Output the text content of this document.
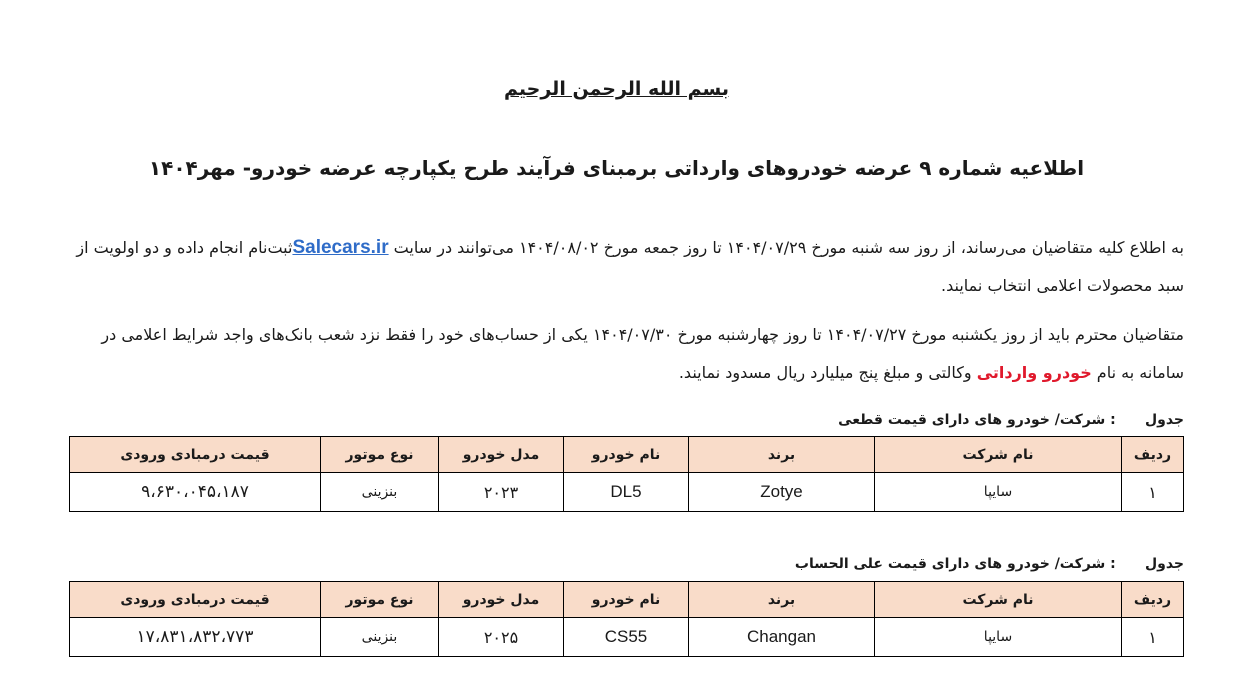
بسم الله الرحمن الرحیم
اطلاعیه شماره ۹ عرضه خودروهای وارداتی برمبنای فرآیند طرح یکپارچه عرضه خودرو- مهر۱۴۰۴
به اطلاع کلیه متقاضیان می‌رساند، از روز سه شنبه مورخ ۱۴۰۴/۰۷/۲۹ تا روز جمعه مورخ ۱۴۰۴/۰۸/۰۲ می‌توانند در سایت Salecars.irثبت‌نام انجام داده و دو اولویت از سبد محصولات اعلامی انتخاب نمایند.
متقاضیان محترم باید از روز یکشنبه مورخ ۱۴۰۴/۰۷/۲۷ تا روز چهارشنبه مورخ ۱۴۰۴/۰۷/۳۰ یکی از حساب‌های خود را فقط نزد شعب بانک‌های واجد شرایط اعلامی در سامانه به نام خودرو وارداتی وکالتی و مبلغ پنج میلیارد ریال مسدود نمایند.
جدول      : شرکت/ خودرو های دارای قیمت قطعی
ردیف	نام شرکت	برند	نام خودرو	مدل خودرو	نوع موتور	قیمت درمبادی ورودی
۱	سایپا	Zotye	DL5	۲۰۲۳	بنزینی	۹،۶۳۰،۰۴۵،۱۸۷
جدول      : شرکت/ خودرو های دارای قیمت علی الحساب
ردیف	نام شرکت	برند	نام خودرو	مدل خودرو	نوع موتور	قیمت درمبادی ورودی
۱	سایپا	Changan	CS55	۲۰۲۵	بنزینی	۱۷،۸۳۱،۸۳۲،۷۷۳
